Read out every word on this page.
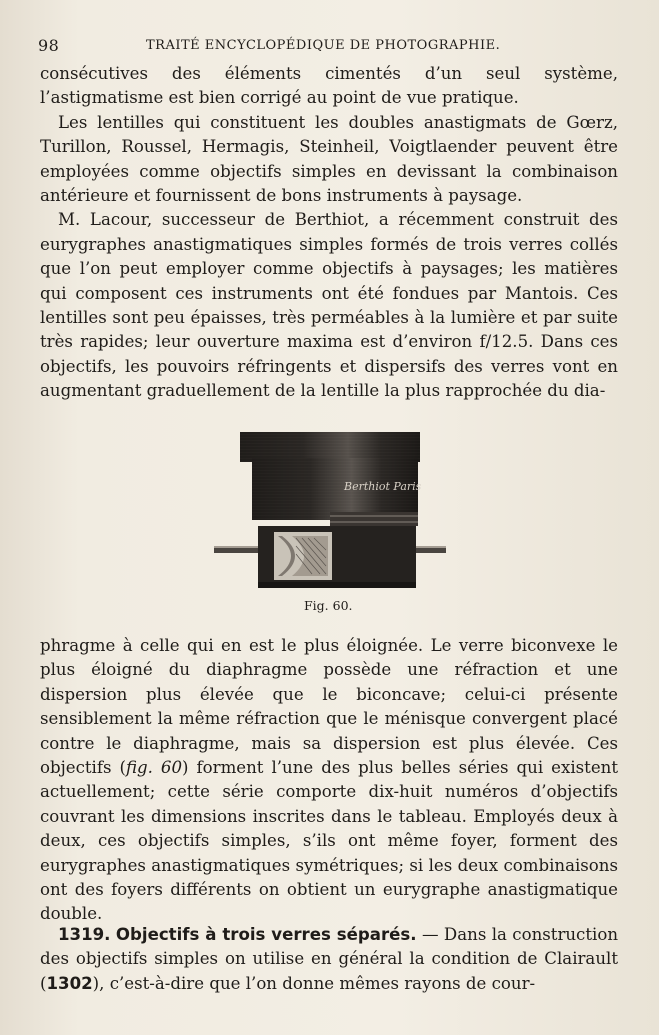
98	TRAITÉ ENCYCLOPÉDIQUE DE PHOTOGRAPHIE.

consécutives des éléments cimentés d’un seul système, l’astigmatisme est bien corrigé au point de vue pratique.

Les lentilles qui constituent les doubles anastigmats de Gœrz, Turillon, Roussel, Hermagis, Steinheil, Voigtlaender peuvent être employées comme objectifs simples en devissant la combinaison antérieure et fournissent de bons instruments à paysage.

M. Lacour, successeur de Berthiot, a récemment construit des eurygraphes anastigmatiques simples formés de trois verres collés que l’on peut employer comme objectifs à paysages; les matières qui composent ces instruments ont été fondues par Mantois. Ces lentilles sont peu épaisses, très perméables à la lumière et par suite très rapides; leur ouverture maxima est d’environ f/12.5. Dans ces objectifs, les pouvoirs réfringents et dispersifs des verres vont en augmentant graduellement de la lentille la plus rapprochée du dia-

Berthiot Paris
Fig. 60.

phragme à celle qui en est le plus éloignée. Le verre biconvexe le plus éloigné du diaphragme possède une réfraction et une dispersion plus élevée que le biconcave; celui-ci présente sensiblement la même réfraction que le ménisque convergent placé contre le diaphragme, mais sa dispersion est plus élevée. Ces objectifs (fig. 60) forment l’une des plus belles séries qui existent actuellement; cette série comporte dix-huit numéros d’objectifs couvrant les dimensions inscrites dans le tableau. Employés deux à deux, ces objectifs simples, s’ils ont même foyer, forment des eurygraphes anastigmatiques symétriques; si les deux combinaisons ont des foyers différents on obtient un eurygraphe anastigmatique double.

1319. Objectifs à trois verres séparés. — Dans la construction des objectifs simples on utilise en général la condition de Clairault (1302), c’est-à-dire que l’on donne mêmes rayons de cour-
